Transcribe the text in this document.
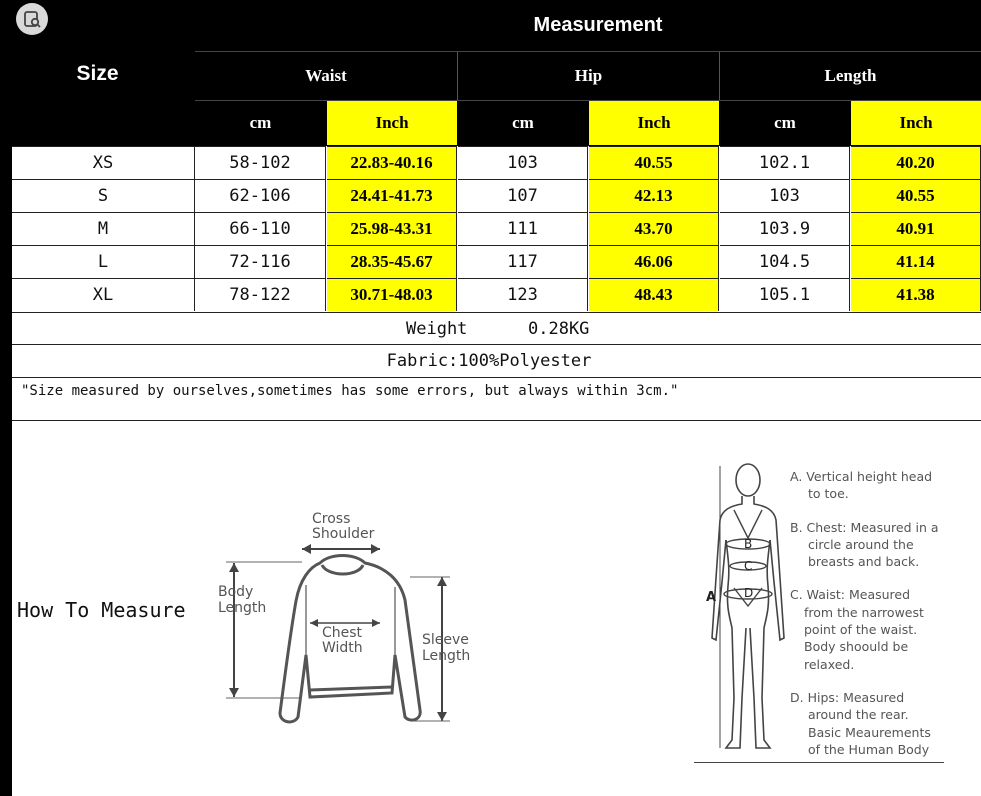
Size
Measurement
Waist	Hip	Length
cm	Inch	cm	Inch	cm	Inch
XS	58-102	22.83-40.16	103	40.55	102.1	40.20
S	62-106	24.41-41.73	107	42.13	103	40.55
M	66-110	25.98-43.31	111	43.70	103.9	40.91
L	72-116	28.35-45.67	117	46.06	104.5	41.14
XL	78-122	30.71-48.03	123	48.43	105.1	41.38
Weight	0.28KG
Fabric:100%Polyester
"Size measured by ourselves,sometimes has some errors, but always within 3cm."
How To Measure
Cross Shoulder
Body Length
Chest Width	Sleeve Length
A
B
C
D
A. Vertical height head
to toe.
B. Chest: Measured in a
circle around the
breasts and back.
C. Waist: Measured
from the narrowest
point of the waist.
Body shoould be
relaxed.
D. Hips: Measured
around the rear.
Basic Meaurements
of the Human Body
